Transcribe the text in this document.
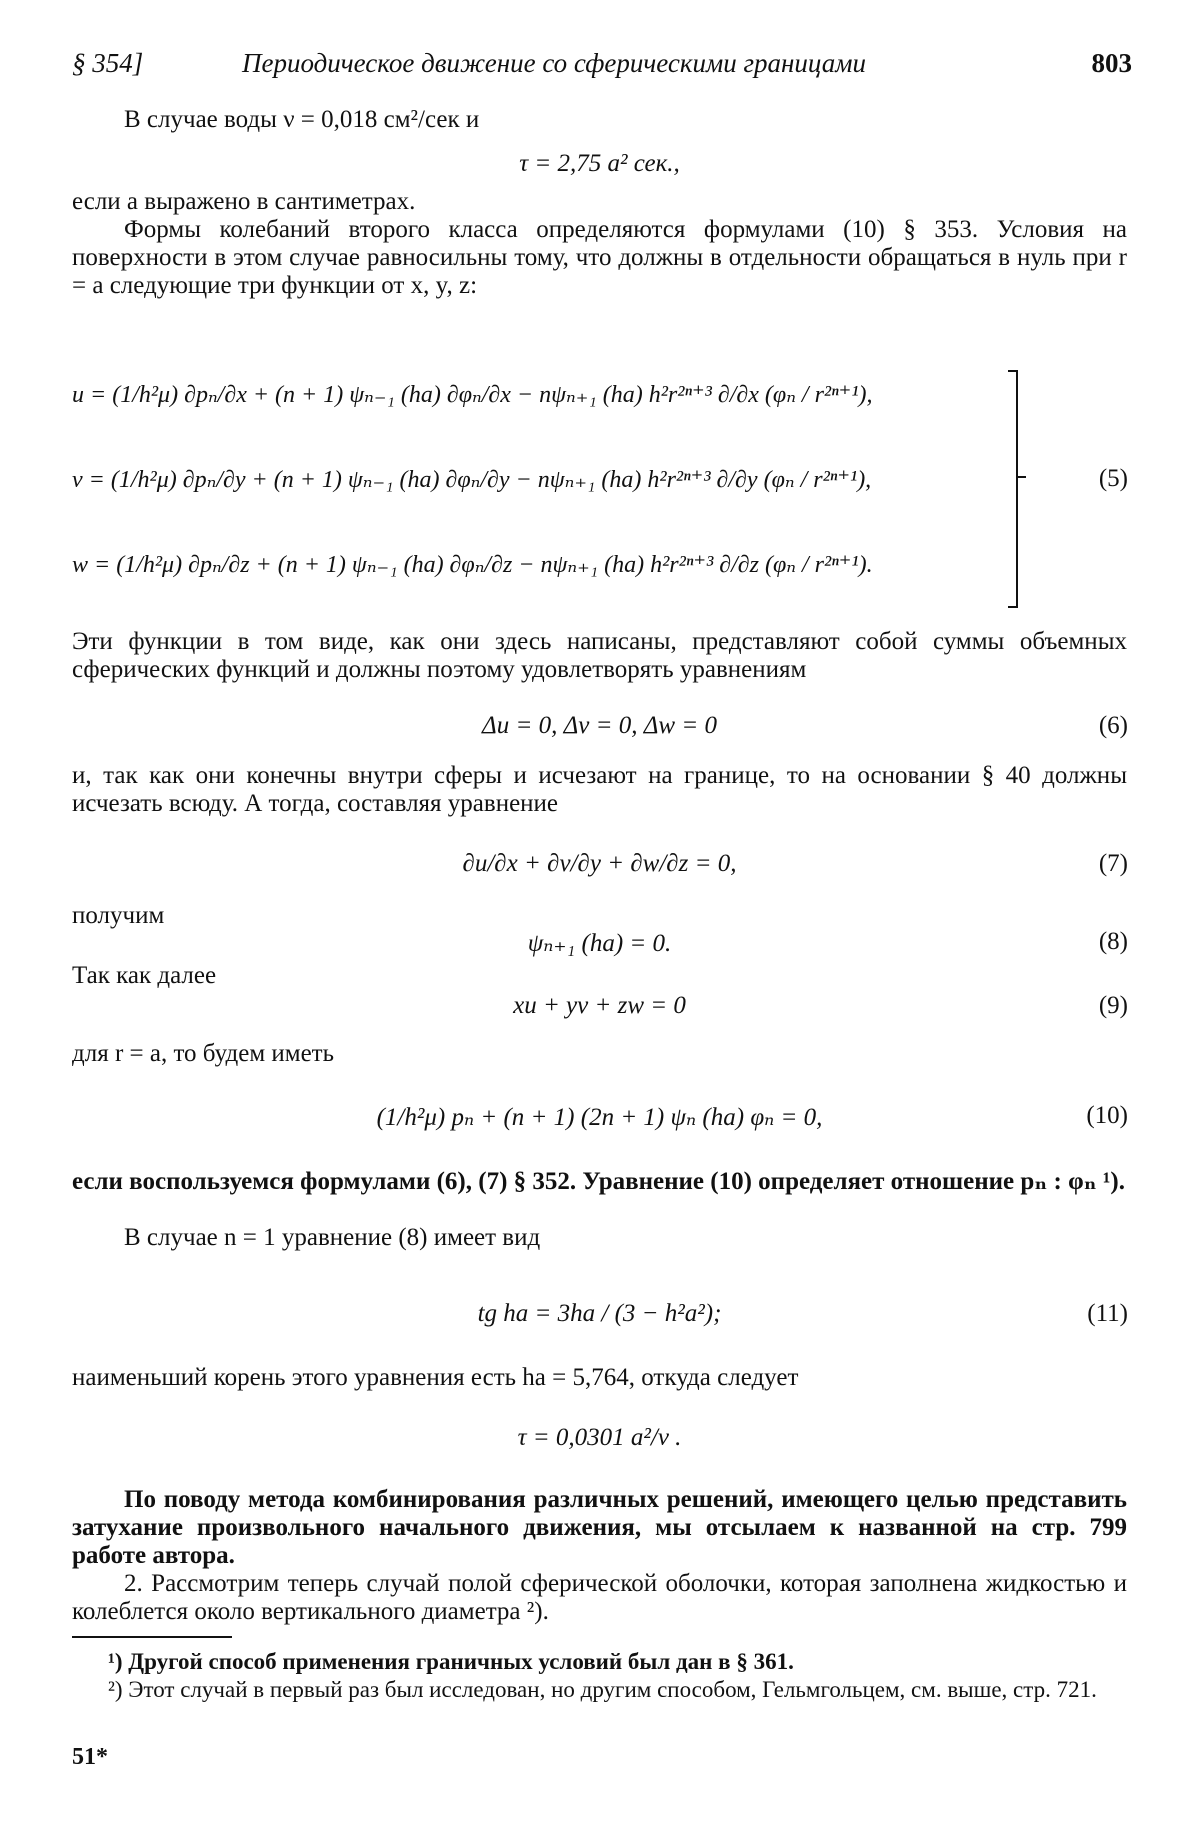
§ 354]	Периодическое движение со сферическими границами	803
В случае воды ν = 0,018 см²/сек и
τ = 2,75 a² сек.,
если a выражено в сантиметрах.
Формы колебаний второго класса определяются формулами (10) § 353. Условия на поверхности в этом случае равносильны тому, что должны в отдельности обращаться в нуль при r = a следующие три функции от x, y, z:
u = (1/h²μ) ∂pₙ/∂x + (n + 1) ψₙ₋₁ (ha) ∂φₙ/∂x − nψₙ₊₁ (ha) h²r²ⁿ⁺³ ∂/∂x (φₙ / r²ⁿ⁺¹),
v = (1/h²μ) ∂pₙ/∂y + (n + 1) ψₙ₋₁ (ha) ∂φₙ/∂y − nψₙ₊₁ (ha) h²r²ⁿ⁺³ ∂/∂y (φₙ / r²ⁿ⁺¹),
w = (1/h²μ) ∂pₙ/∂z + (n + 1) ψₙ₋₁ (ha) ∂φₙ/∂z − nψₙ₊₁ (ha) h²r²ⁿ⁺³ ∂/∂z (φₙ / r²ⁿ⁺¹).
(5)
Эти функции в том виде, как они здесь написаны, представляют собой суммы объемных сферических функций и должны поэтому удовлетворять уравнениям
Δu = 0, Δv = 0, Δw = 0	(6)
и, так как они конечны внутри сферы и исчезают на границе, то на основании § 40 должны исчезать всюду. А тогда, составляя уравнение
∂u/∂x + ∂v/∂y + ∂w/∂z = 0,	(7)
получим
ψₙ₊₁ (ha) = 0.	(8)
Так как далее
xu + yv + zw = 0	(9)
для r = a, то будем иметь
(1/h²μ) pₙ + (n + 1) (2n + 1) ψₙ (ha) φₙ = 0,	(10)
если воспользуемся формулами (6), (7) § 352. Уравнение (10) определяет отношение pₙ : φₙ ¹).
В случае n = 1 уравнение (8) имеет вид
tg ha = 3ha / (3 − h²a²);	(11)
наименьший корень этого уравнения есть ha = 5,764, откуда следует
τ = 0,0301 a²/ν .
По поводу метода комбинирования различных решений, имеющего целью представить затухание произвольного начального движения, мы отсылаем к названной на стр. 799 работе автора.
2. Рассмотрим теперь случай полой сферической оболочки, которая заполнена жидкостью и колеблется около вертикального диаметра ²).
¹) Другой способ применения граничных условий был дан в § 361.
²) Этот случай в первый раз был исследован, но другим способом, Гельмгольцем, см. выше, стр. 721.
51*
